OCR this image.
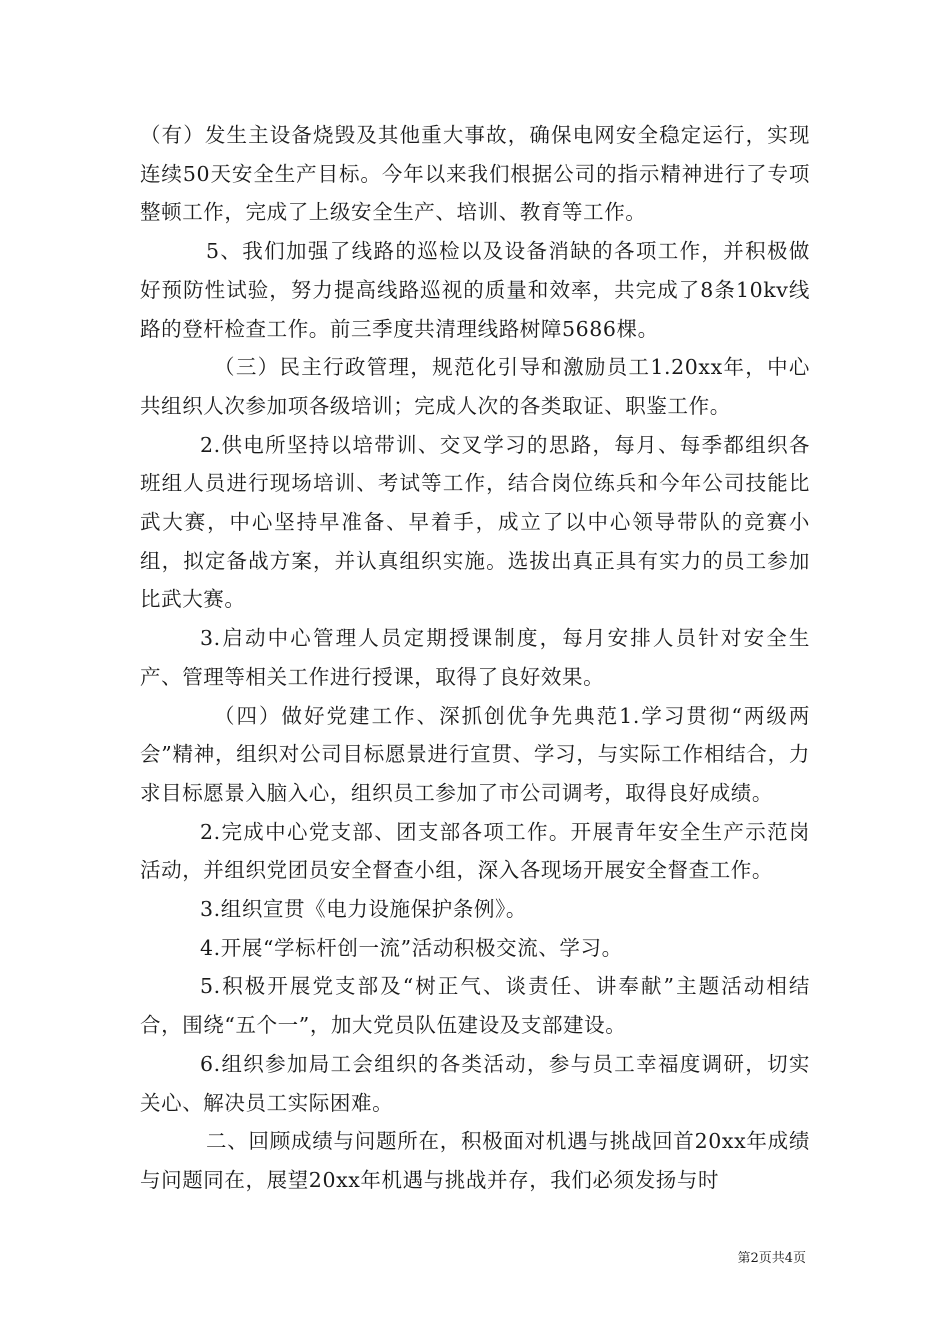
（有）发生主设备烧毁及其他重大事故，确保电网安全稳定运行，实现连续50天安全生产目标。今年以来我们根据公司的指示精神进行了专项整顿工作，完成了上级安全生产、培训、教育等工作。

5、我们加强了线路的巡检以及设备消缺的各项工作，并积极做好预防性试验，努力提高线路巡视的质量和效率，共完成了8条10kv线路的登杆检查工作。前三季度共清理线路树障5686棵。

（三）民主行政管理，规范化引导和激励员工1.20xx年，中心共组织人次参加项各级培训；完成人次的各类取证、职鉴工作。

2.供电所坚持以培带训、交叉学习的思路，每月、每季都组织各班组人员进行现场培训、考试等工作，结合岗位练兵和今年公司技能比武大赛，中心坚持早准备、早着手，成立了以中心领导带队的竞赛小组，拟定备战方案，并认真组织实施。选拔出真正具有实力的员工参加比武大赛。

3.启动中心管理人员定期授课制度，每月安排人员针对安全生产、管理等相关工作进行授课，取得了良好效果。

（四）做好党建工作、深抓创优争先典范1.学习贯彻“两级两会”精神，组织对公司目标愿景进行宣贯、学习，与实际工作相结合，力求目标愿景入脑入心，组织员工参加了市公司调考，取得良好成绩。

2.完成中心党支部、团支部各项工作。开展青年安全生产示范岗活动，并组织党团员安全督查小组，深入各现场开展安全督查工作。

3.组织宣贯《电力设施保护条例》。

4.开展“学标杆创一流”活动积极交流、学习。

5.积极开展党支部及“树正气、谈责任、讲奉献”主题活动相结合，围绕“五个一”，加大党员队伍建设及支部建设。

6.组织参加局工会组织的各类活动，参与员工幸福度调研，切实关心、解决员工实际困难。

二、回顾成绩与问题所在，积极面对机遇与挑战回首20xx年成绩与问题同在，展望20xx年机遇与挑战并存，我们必须发扬与时

第2页共4页
